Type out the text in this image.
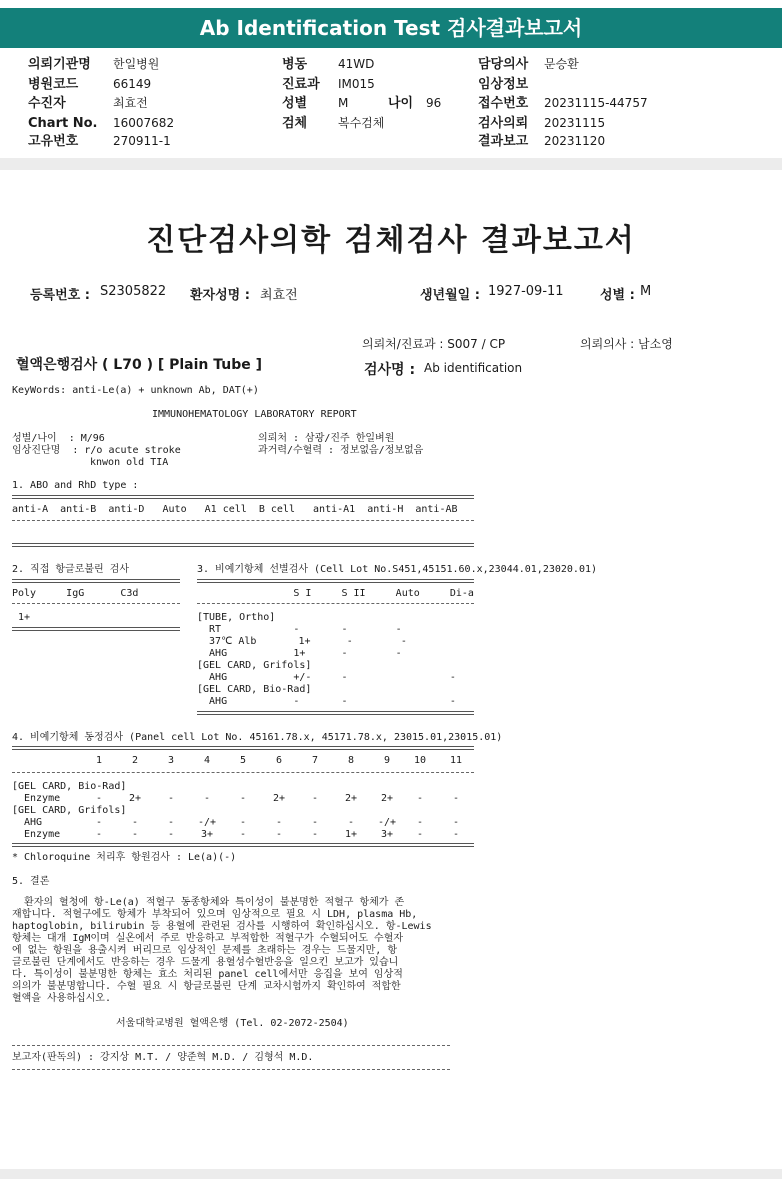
Ab Identification Test 검사결과보고서
의뢰기관명 한일병원
병원코드	66149
수진자	최효전
Chart No. 16007682
고유번호	270911-1
병동	41WD
진료과 IM015
성별	M	나이 96
검체	복수검체
담당의사 문승환
임상정보
접수번호 20231115-44757
검사의뢰 20231115
결과보고 20231120
진단검사의학 검체검사 결과보고서
등록번호 : S2305822 환자성명 : 최효전	생년월일 : 1927-09-11	성별 : M
의뢰처/진료과 : S007 / CP	의뢰의사 : 남소영
혈액은행검사 ( L70 ) [ Plain Tube ]	검사명 : Ab identification
KeyWords: anti-Le(a) + unknown Ab, DAT(+)
IMMUNOHEMATOLOGY LABORATORY REPORT
성별/나이  : M/96
임상진단명  : r/o acute stroke
knwon old TIA
의뢰처 : 삼광/진주 한일벼원
과거력/수혈력 : 정보없음/정보없음
1. ABO and RhD type :
anti-A  anti-B  anti-D   Auto   A1 cell  B cell   anti-A1  anti-H  anti-AB
2. 직접 항글로불린 검사
Poly     IgG      C3d
1+
3. 비예기항체 선별검사 (Cell Lot No.S451,45151.60.x,23044.01,23020.01)
S I     S II     Auto     Di-a
[TUBE, Ortho]
RT            -       -        -
37℃ Alb       1+      -        -
AHG           1+      -        -
[GEL CARD, Grifols]
AHG           +/-     -                 -
[GEL CARD, Bio-Rad]
AHG           -       -                 -
4. 비예기항체 동정검사 (Panel cell Lot No. 45161.78.x, 45171.78.x, 23015.01,23015.01)
1	2	3	4	5	6	7	8	9	10	11
[GEL CARD, Bio-Rad]
Enzyme	-	2+	-	-	-	2+	-	2+	2+	-	-
[GEL CARD, Grifols]
AHG	-	-	-	-/+	-	-	-	-	-/+	-	-
Enzyme	-	-	-	3+	-	-	-	1+	3+	-	-
* Chloroquine 처리후 항원검사 : Le(a)(-)
5. 결론
환자의 혈청에 항-Le(a) 적혈구 동종항체와 특이성이 불분명한 적혈구 항체가 존
재합니다. 적혈구에도 항체가 부착되어 있으며 임상적으로 필요 시 LDH, plasma Hb,
haptoglobin, bilirubin 등 용혈에 관련된 검사를 시행하여 확인하십시오. 항-Lewis
항체는 대개 IgM이며 실온에서 주로 반응하고 부적합한 적혈구가 수혈되어도 수혈자
에 없는 항원을 용출시켜 버리므로 임상적인 문제를 초래하는 경우는 드물지만, 항
글로불린 단계에서도 반응하는 경우 드물게 용혈성수혈반응을 일으킨 보고가 있습니
다. 특이성이 불분명한 항체는 효소 처리된 panel cell에서만 응집을 보여 임상적
의의가 불분명합니다. 수혈 필요 시 항글로불린 단계 교차시험까지 확인하여 적합한
혈액을 사용하십시오.
서울대학교병원 혈액은행 (Tel. 02-2072-2504)
보고자(판독의) : 강지상 M.T. / 양준혁 M.D. / 김형석 M.D.
